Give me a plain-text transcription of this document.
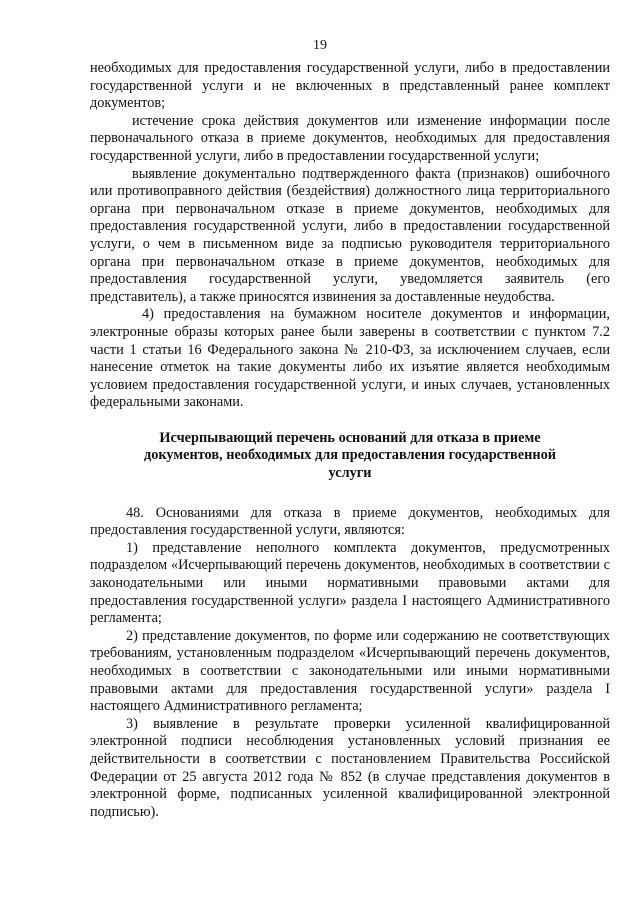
19

необходимых для предоставления государственной услуги, либо в предоставлении государственной услуги и не включенных в представленный ранее комплект документов;

истечение срока действия документов или изменение информации после первоначального отказа в приеме документов, необходимых для предоставления государственной услуги, либо в предоставлении государственной услуги;

выявление документально подтвержденного факта (признаков) ошибочного или противоправного действия (бездействия) должностного лица территориального органа при первоначальном отказе в приеме документов, необходимых для предоставления государственной услуги, либо в предоставлении государственной услуги, о чем в письменном виде за подписью руководителя территориального органа при первоначальном отказе в приеме документов, необходимых для предоставления государственной услуги, уведомляется заявитель (его представитель), а также приносятся извинения за доставленные неудобства.

4) предоставления на бумажном носителе документов и информации, электронные образы которых ранее были заверены в соответствии с пунктом 7.2 части 1 статьи 16 Федерального закона № 210-ФЗ, за исключением случаев, если нанесение отметок на такие документы либо их изъятие является необходимым условием предоставления государственной услуги, и иных случаев, установленных федеральными законами.

Исчерпывающий перечень оснований для отказа в приеме документов, необходимых для предоставления государственной услуги

48. Основаниями для отказа в приеме документов, необходимых для предоставления государственной услуги, являются:

1) представление неполного комплекта документов, предусмотренных подразделом «Исчерпывающий перечень документов, необходимых в соответствии с законодательными или иными нормативными правовыми актами для предоставления государственной услуги» раздела I настоящего Административного регламента;

2) представление документов, по форме или содержанию не соответствующих требованиям, установленным подразделом «Исчерпывающий перечень документов, необходимых в соответствии с законодательными или иными нормативными правовыми актами для предоставления государственной услуги» раздела I настоящего Административного регламента;

3) выявление в результате проверки усиленной квалифицированной электронной подписи несоблюдения установленных условий признания ее действительности в соответствии с постановлением Правительства Российской Федерации от 25 августа 2012 года № 852 (в случае представления документов в электронной форме, подписанных усиленной квалифицированной электронной подписью).
